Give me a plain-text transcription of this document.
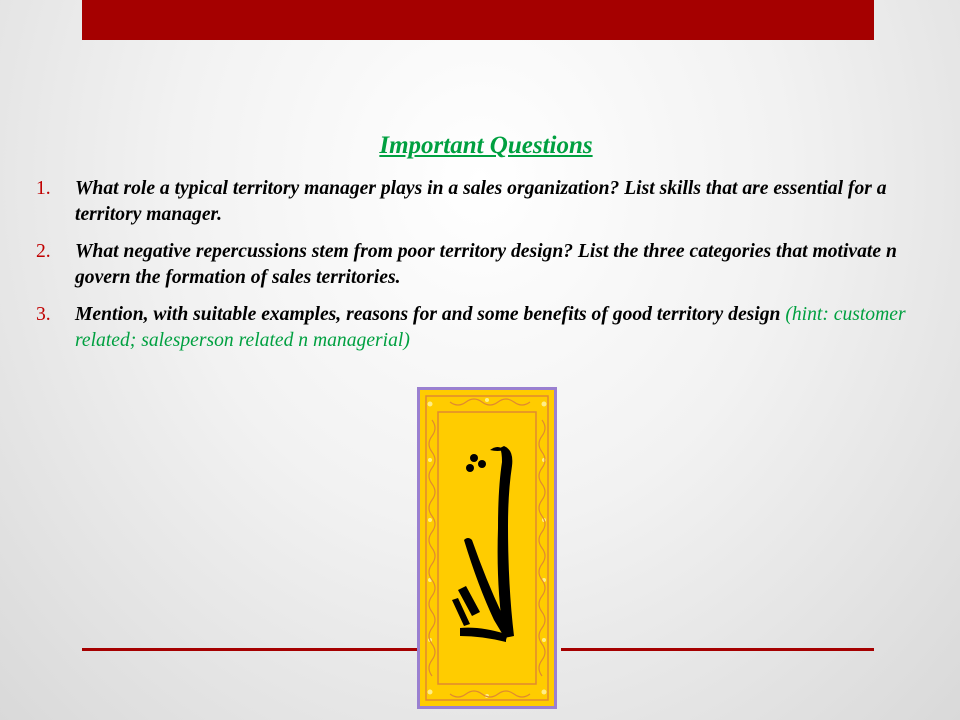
Important Questions
1. What role a typical territory manager plays in a sales organization? List skills that are essential for a territory manager.
2. What negative repercussions stem from poor territory design? List the three categories that motivate n govern the formation of sales territories.
3. Mention, with suitable examples, reasons for and some benefits of good territory design (hint: customer related; salesperson related n managerial)
